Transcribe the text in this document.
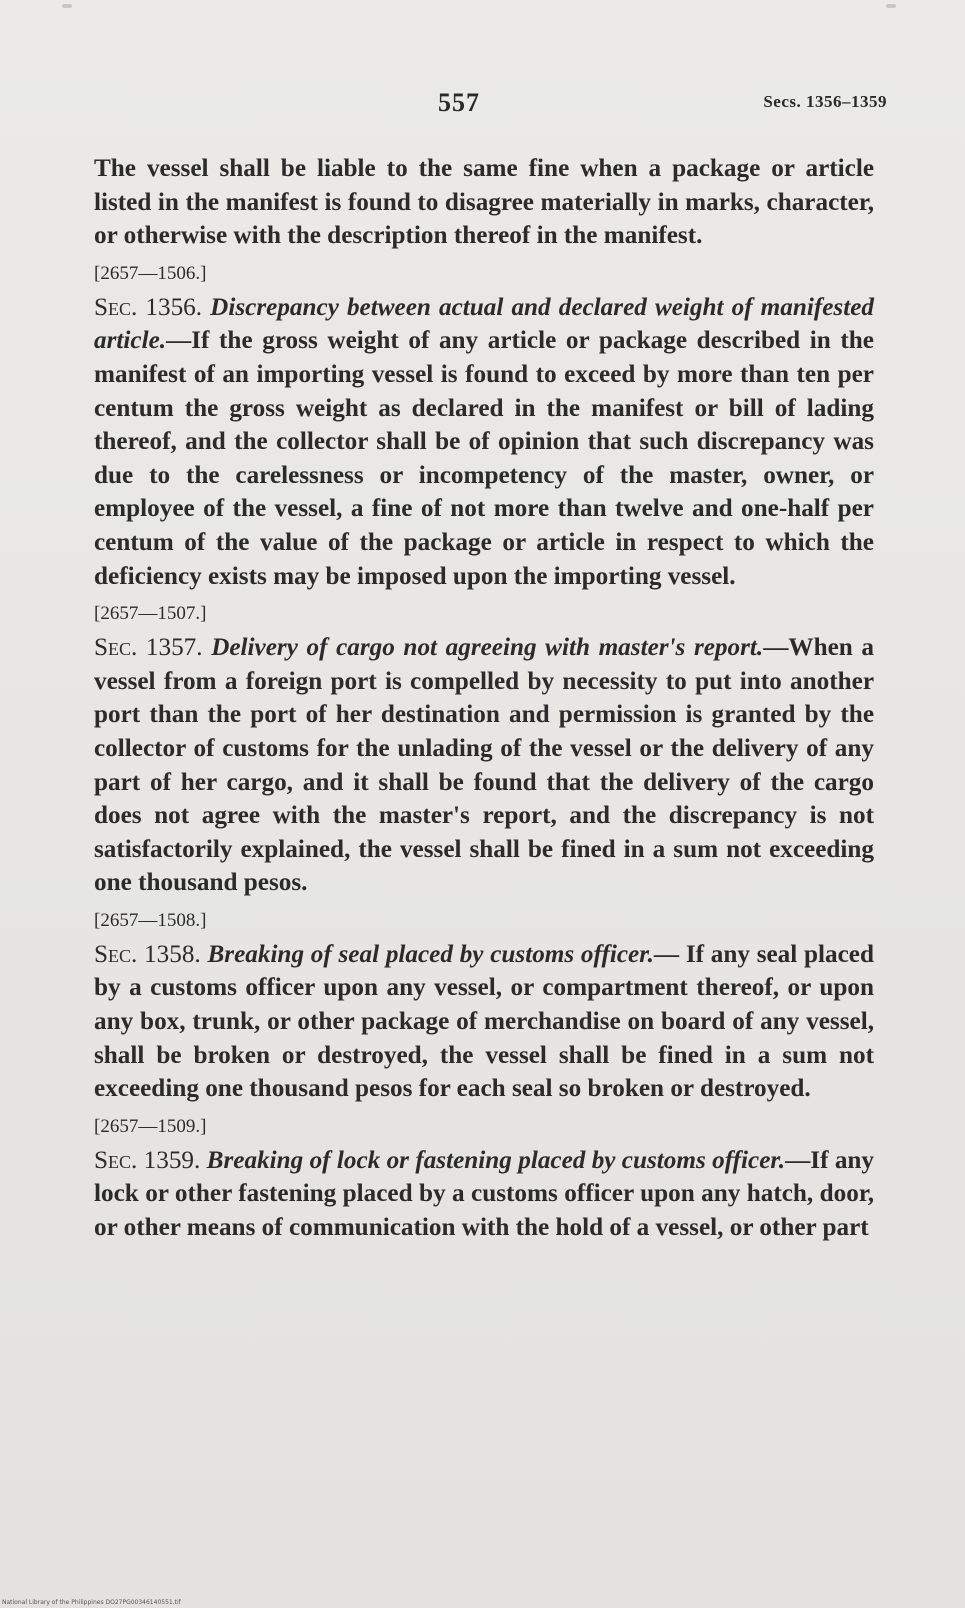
557	Secs. 1356–1359

The vessel shall be liable to the same fine when a package or article listed in the manifest is found to disagree materially in marks, character, or otherwise with the description thereof in the manifest.

[2657—1506.]

Sec. 1356. Discrepancy between actual and declared weight of manifested article.—If the gross weight of any article or package described in the manifest of an importing vessel is found to exceed by more than ten per centum the gross weight as declared in the manifest or bill of lading thereof, and the collector shall be of opinion that such discrepancy was due to the carelessness or incompetency of the master, owner, or employee of the vessel, a fine of not more than twelve and one-half per centum of the value of the package or article in respect to which the deficiency exists may be imposed upon the importing vessel.

[2657—1507.]

Sec. 1357. Delivery of cargo not agreeing with master's report.—When a vessel from a foreign port is compelled by necessity to put into another port than the port of her destination and permission is granted by the collector of customs for the unlading of the vessel or the delivery of any part of her cargo, and it shall be found that the delivery of the cargo does not agree with the master's report, and the discrepancy is not satisfactorily explained, the vessel shall be fined in a sum not exceeding one thousand pesos.

[2657—1508.]

Sec. 1358. Breaking of seal placed by customs officer.— If any seal placed by a customs officer upon any vessel, or compartment thereof, or upon any box, trunk, or other package of merchandise on board of any vessel, shall be broken or destroyed, the vessel shall be fined in a sum not exceeding one thousand pesos for each seal so broken or destroyed.

[2657—1509.]

Sec. 1359. Breaking of lock or fastening placed by customs officer.—If any lock or other fastening placed by a customs officer upon any hatch, door, or other means of communication with the hold of a vessel, or other part

National Library of the Philippines DO27PG00346140551.tif
